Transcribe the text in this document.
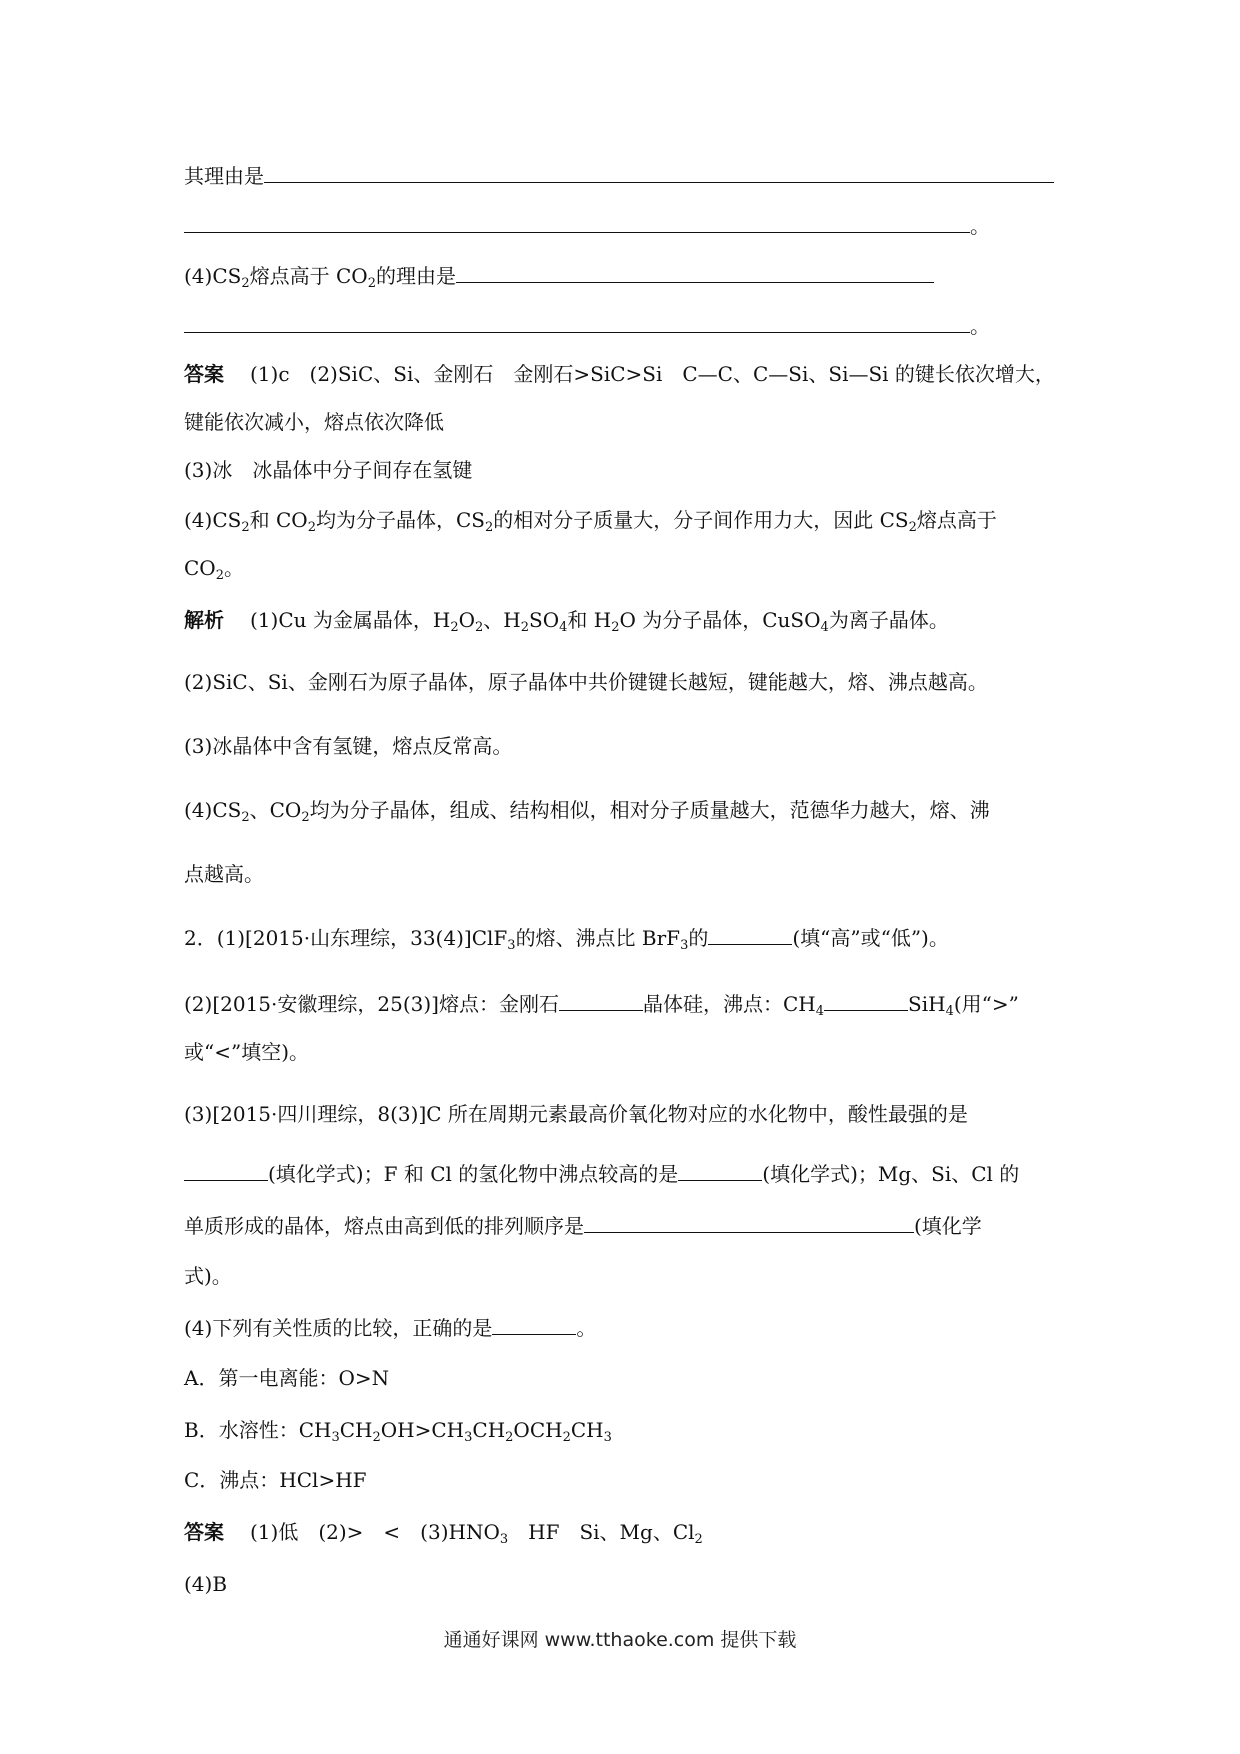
其理由是
。
$(4)CS_2$熔点高于 $CO_2$的理由是
。
答案 (1)c　(2)SiC、Si、金刚石　金刚石>SiC>Si　C—C、C—Si、Si—Si 的键长依次增大，
键能依次减小，熔点依次降低
(3)冰　冰晶体中分子间存在氢键
$(4)CS_2$和 $CO_2$均为分子晶体，$CS_2$的相对分子质量大，分子间作用力大，因此 $CS_2$熔点高于
$CO_2$。
解析 (1)Cu 为金属晶体，$H_2O_2$、$H_2SO_4$和 $H_2O$ 为分子晶体，CuSO$_4$为离子晶体。
(2)SiC、Si、金刚石为原子晶体，原子晶体中共价键键长越短，键能越大，熔、沸点越高。
(3)冰晶体中含有氢键，熔点反常高。
$(4)CS_2$、$CO_2$均为分子晶体，组成、结构相似，相对分子质量越大，范德华力越大，熔、沸
点越高。
2．(1)[2015·山东理综，33(4)]ClF$_3$的熔、沸点比 BrF$_3$的	(填“高”或“低”)。
(2)[2015·安徽理综，25(3)]熔点：金刚石	晶体硅，沸点：$CH_4$	SiH$_4$(用“>”
或“<”填空)。
(3)[2015·四川理综，8(3)]C 所在周期元素最高价氧化物对应的水化物中，酸性最强的是
(填化学式)；F 和 Cl 的氢化物中沸点较高的是	(填化学式)；Mg、Si、Cl 的
单质形成的晶体，熔点由高到低的排列顺序是	(填化学
式)。
(4)下列有关性质的比较，正确的是	。
A．第一电离能：O>N
B．水溶性：$CH_3CH_2OH>CH_3CH_2OCH_2CH_3$
C．沸点：HCl>HF
答案 (1)低　(2)>　<　$(3)HNO_3$　HF　Si、Mg、$Cl_2$
(4)B
通通好课网 www.tthaoke.com 提供下载
